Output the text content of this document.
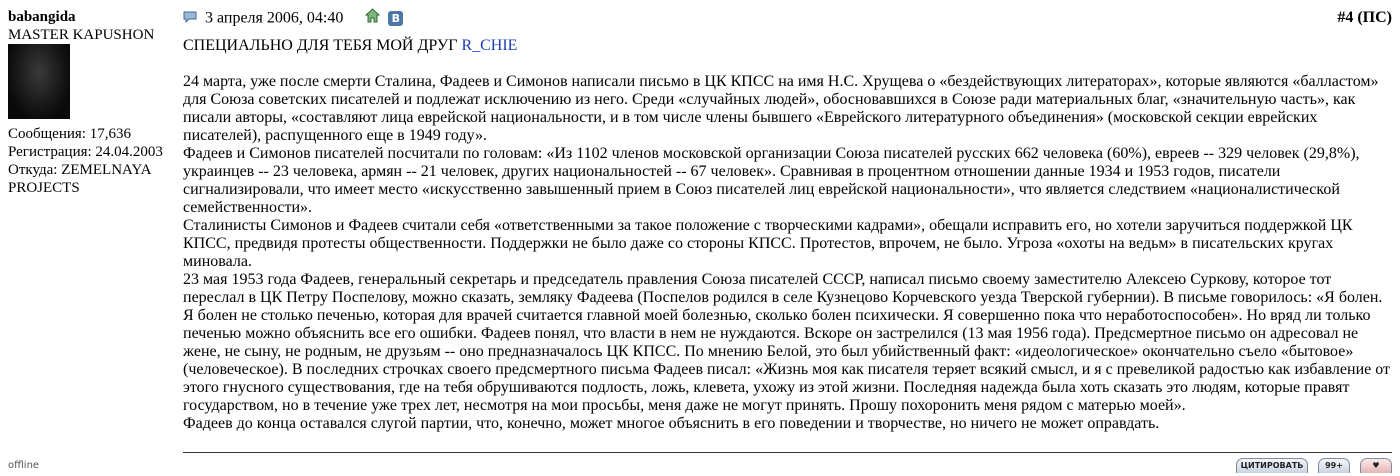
babangida
MASTER KAPUSHON
Сообщения: 17,636
Регистрация: 24.04.2003
Откуда: ZEMELNAYA PROJECTS
offline
3 апреля 2006, 04:40	B	#4 (ПС)
СПЕЦИАЛЬНО ДЛЯ ТЕБЯ МОЙ ДРУГ R_CHIE

24 марта, уже после смерти Сталина, Фадеев и Симонов написали письмо в ЦК КПСС на имя Н.С. Хрущева о «бездействующих литераторах», которые являются «балластом» для Союза советских писателей и подлежат исключению из него. Среди «случайных людей», обосновавшихся в Союзе ради материальных благ, «значительную часть», как писали авторы, «составляют лица еврейской национальности, и в том числе члены бывшего «Еврейского литературного объединения» (московской секции еврейских писателей), распущенного еще в 1949 году».

Фадеев и Симонов писателей посчитали по головам: «Из 1102 членов московской организации Союза писателей русских 662 человека (60%), евреев -- 329 человек (29,8%), украинцев -- 23 человека, армян -- 21 человек, других национальностей -- 67 человек». Сравнивая в процентном отношении данные 1934 и 1953 годов, писатели сигнализировали, что имеет место «искусственно завышенный прием в Союз писателей лиц еврейской национальности», что является следствием «националистической семейственности».

Сталинисты Симонов и Фадеев считали себя «ответственными за такое положение с творческими кадрами», обещали исправить его, но хотели заручиться поддержкой ЦК КПСС, предвидя протесты общественности. Поддержки не было даже со стороны КПСС. Протестов, впрочем, не было. Угроза «охоты на ведьм» в писательских кругах миновала.

23 мая 1953 года Фадеев, генеральный секретарь и председатель правления Союза писателей СССР, написал письмо своему заместителю Алексею Суркову, которое тот переслал в ЦК Петру Поспелову, можно сказать, земляку Фадеева (Поспелов родился в селе Кузнецово Корчевского уезда Тверской губернии). В письме говорилось: «Я болен. Я болен не столько печенью, которая для врачей считается главной моей болезнью, сколько болен психически. Я совершенно пока что неработоспособен». Но вряд ли только печенью можно объяснить все его ошибки. Фадеев понял, что власти в нем не нуждаются. Вскоре он застрелился (13 мая 1956 года). Предсмертное письмо он адресовал не жене, не сыну, не родным, не друзьям -- оно предназначалось ЦК КПСС. По мнению Белой, это был убийственный факт: «идеологическое» окончательно съело «бытовое» (человеческое). В последних строчках своего предсмертного письма Фадеев писал: «Жизнь моя как писателя теряет всякий смысл, и я с превеликой радостью как избавление от этого гнусного существования, где на тебя обрушиваются подлость, ложь, клевета, ухожу из этой жизни. Последняя надежда была хоть сказать это людям, которые правят государством, но в течение уже трех лет, несмотря на мои просьбы, меня даже не могут принять. Прошу похоронить меня рядом с матерью моей».

Фадеев до конца оставался слугой партии, что, конечно, может многое объяснить в его поведении и творчестве, но ничего не может оправдать.

ЦИТИРОВАТЬ	99+	♥
